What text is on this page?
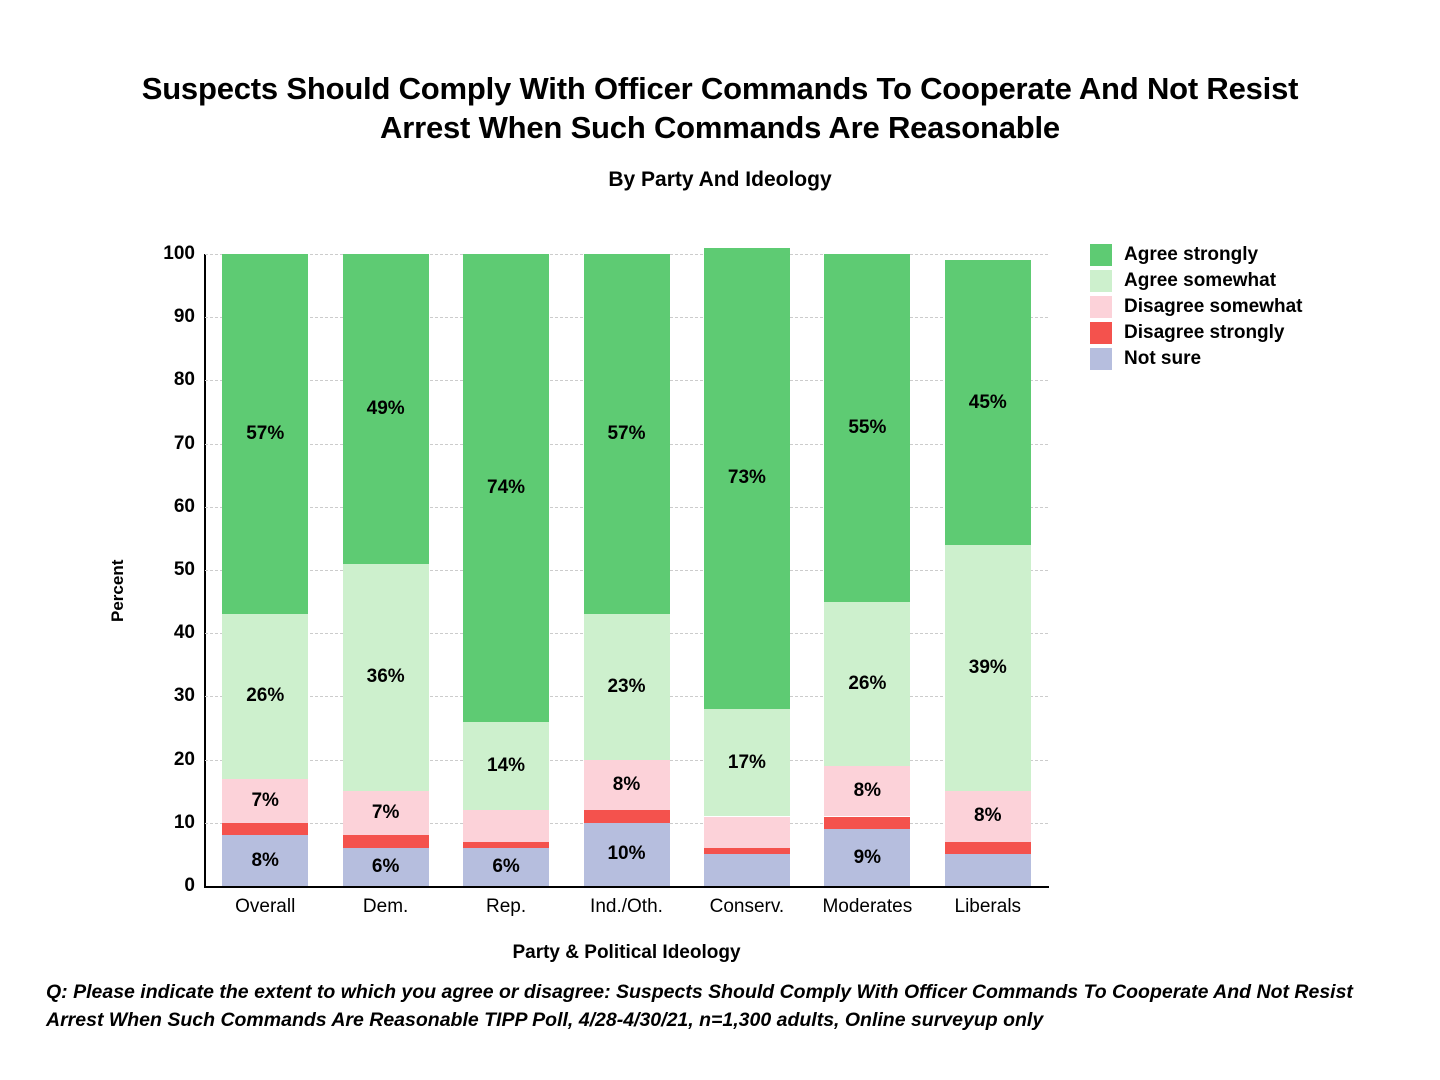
Suspects Should Comply With Officer Commands To Cooperate And Not Resist Arrest When Such Commands Are Reasonable
By Party And Ideology
Percent
0
10
20
30
40
50
60
70
80
90
100
Party & Political Ideology
8%
7%
26%
57%
Overall
6%
7%
36%
49%
Dem.
6%
14%
74%
Rep.
10%
8%
23%
57%
Ind./Oth.
17%
73%
Conserv.
9%
8%
26%
55%
Moderates
8%
39%
45%
Liberals
Agree strongly
Agree somewhat
Disagree somewhat
Disagree strongly
Not sure
Q: Please indicate the extent to which you agree or disagree: Suspects Should Comply With Officer Commands To Cooperate And Not Resist Arrest When Such Commands Are Reasonable TIPP Poll, 4/28-4/30/21, n=1,300 adults, Online surveyup only
